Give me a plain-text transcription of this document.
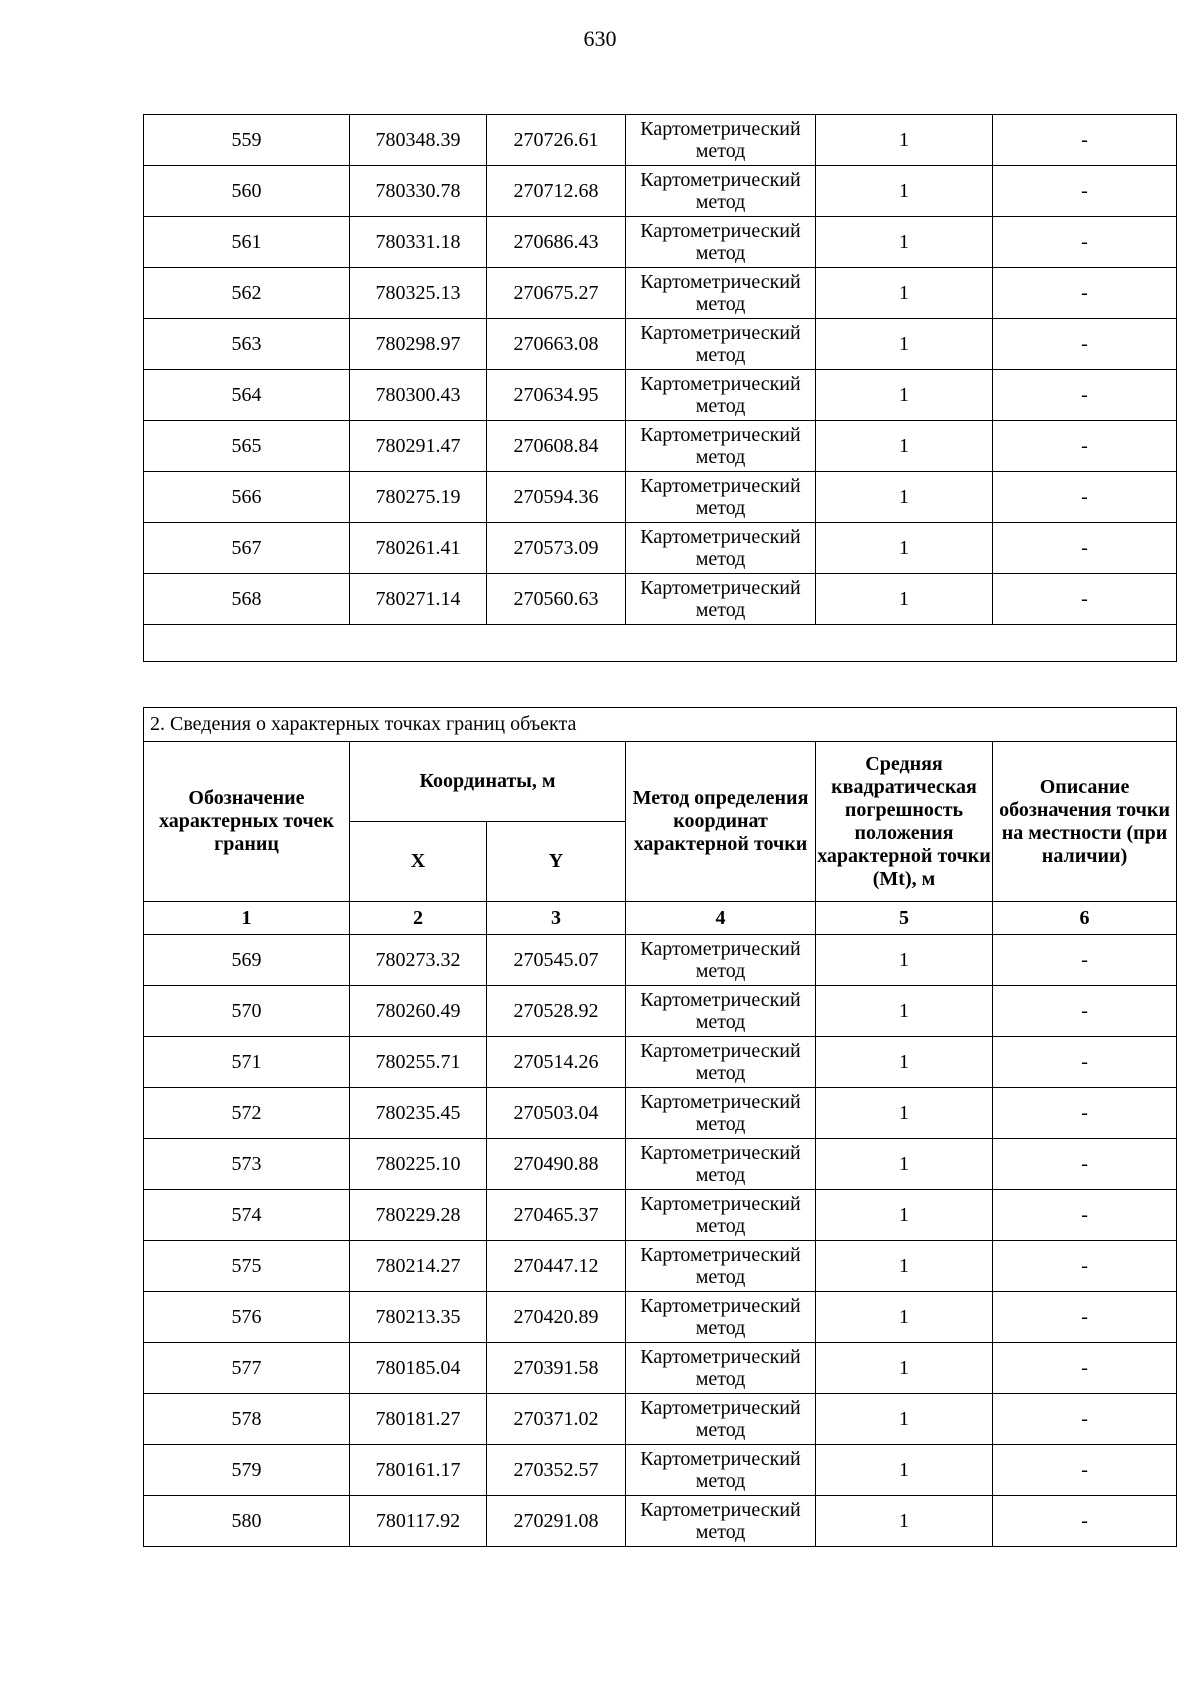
630
559	780348.39	270726.61	Картометрический метод	1	-
560	780330.78	270712.68	Картометрический метод	1	-
561	780331.18	270686.43	Картометрический метод	1	-
562	780325.13	270675.27	Картометрический метод	1	-
563	780298.97	270663.08	Картометрический метод	1	-
564	780300.43	270634.95	Картометрический метод	1	-
565	780291.47	270608.84	Картометрический метод	1	-
566	780275.19	270594.36	Картометрический метод	1	-
567	780261.41	270573.09	Картометрический метод	1	-
568	780271.14	270560.63	Картометрический метод	1	-

2. Сведения о характерных точках границ объекта					
Обозначение характерных точек границ	Координаты, м		Метод определения координат характерной точки	Средняя квадратическая погрешность положения характерной точки (Mt), м	Описание обозначения точки на местности (при наличии)
	X	Y			
1	2	3	4	5	6
569	780273.32	270545.07	Картометрический метод	1	-
570	780260.49	270528.92	Картометрический метод	1	-
571	780255.71	270514.26	Картометрический метод	1	-
572	780235.45	270503.04	Картометрический метод	1	-
573	780225.10	270490.88	Картометрический метод	1	-
574	780229.28	270465.37	Картометрический метод	1	-
575	780214.27	270447.12	Картометрический метод	1	-
576	780213.35	270420.89	Картометрический метод	1	-
577	780185.04	270391.58	Картометрический метод	1	-
578	780181.27	270371.02	Картометрический метод	1	-
579	780161.17	270352.57	Картометрический метод	1	-
580	780117.92	270291.08	Картометрический метод	1	-
